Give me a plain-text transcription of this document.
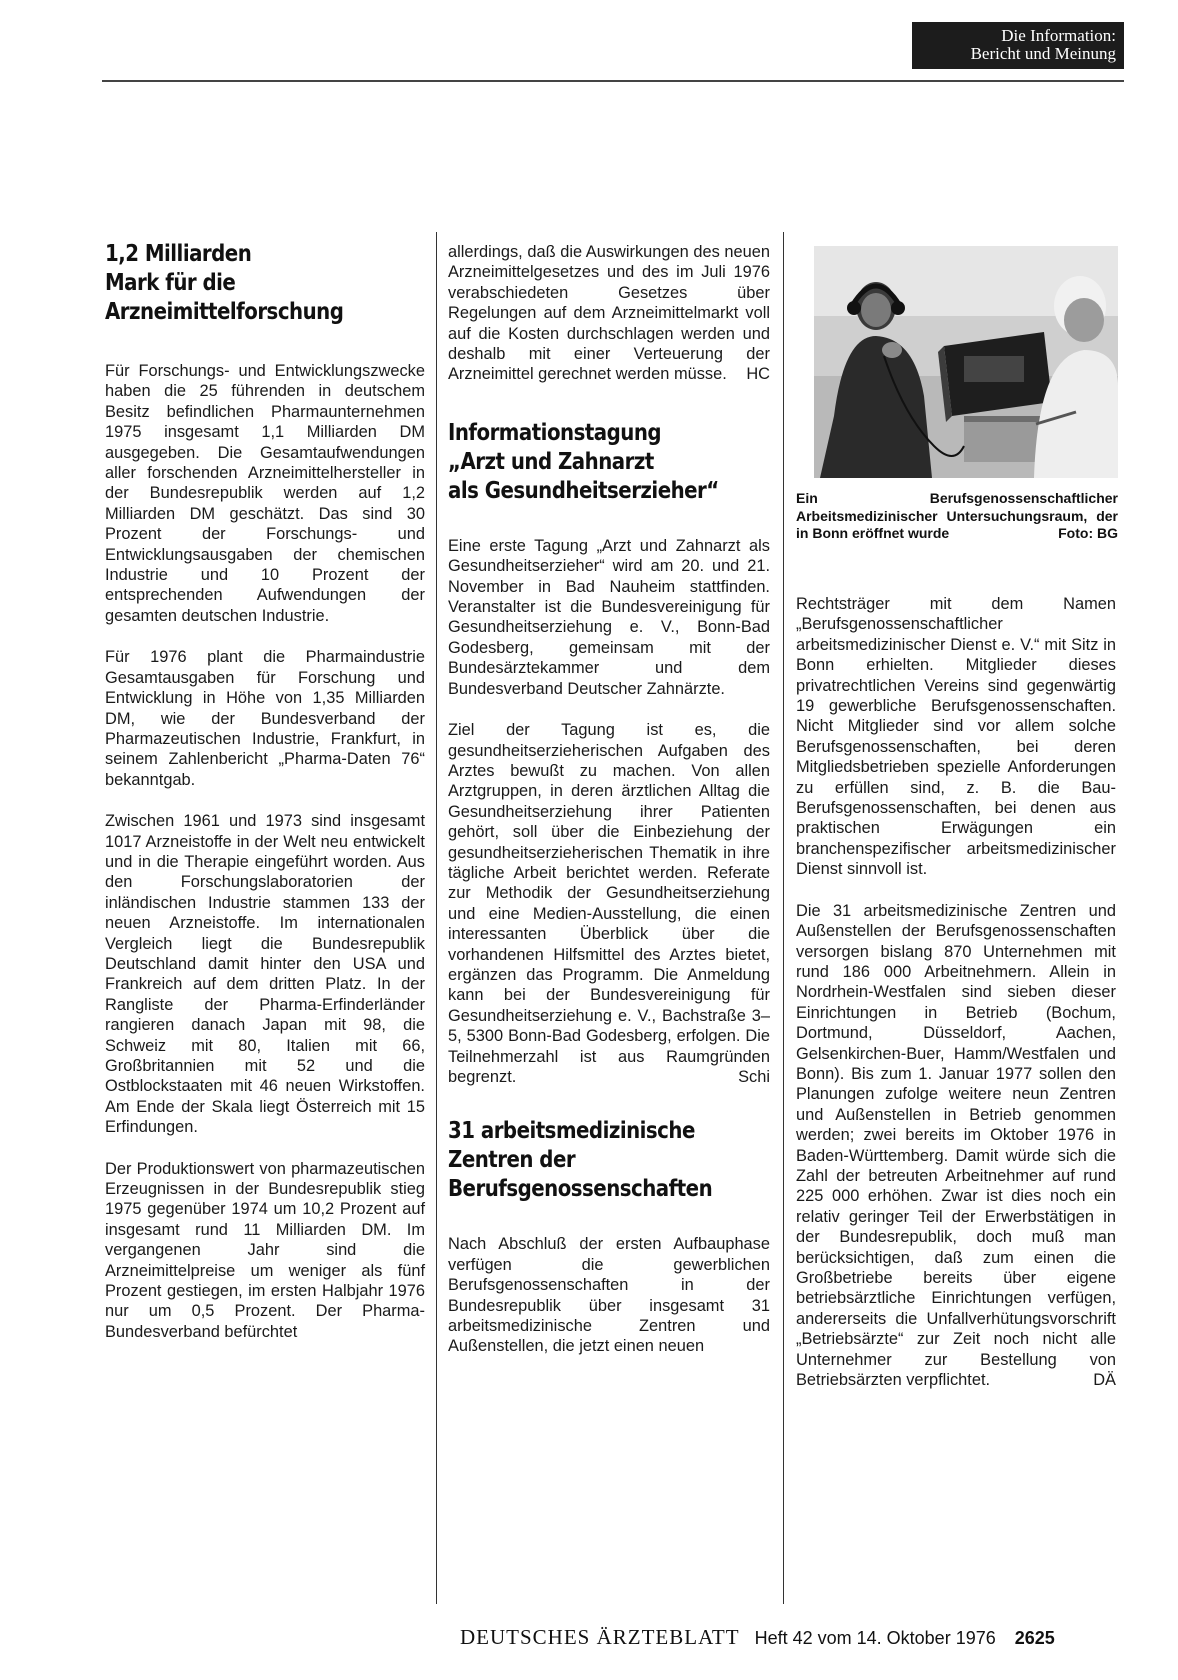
Die Information:
Bericht und Meinung
1,2 Milliarden
Mark für die
Arzneimittelforschung

Für Forschungs- und Entwicklungszwecke haben die 25 führenden in deutschem Besitz befindlichen Pharmaunternehmen 1975 insgesamt 1,1 Milliarden DM ausgegeben. Die Gesamtaufwendungen aller forschenden Arzneimittelhersteller in der Bundesrepublik werden auf 1,2 Milliarden DM geschätzt. Das sind 30 Prozent der Forschungs- und Entwicklungsausgaben der chemischen Industrie und 10 Prozent der entsprechenden Aufwendungen der gesamten deutschen Industrie.

Für 1976 plant die Pharmaindustrie Gesamtausgaben für Forschung und Entwicklung in Höhe von 1,35 Milliarden DM, wie der Bundesverband der Pharmazeutischen Industrie, Frankfurt, in seinem Zahlenbericht „Pharma-Daten 76“ bekanntgab.

Zwischen 1961 und 1973 sind insgesamt 1017 Arzneistoffe in der Welt neu entwickelt und in die Therapie eingeführt worden. Aus den Forschungslaboratorien der inländischen Industrie stammen 133 der neuen Arzneistoffe. Im internationalen Vergleich liegt die Bundesrepublik Deutschland damit hinter den USA und Frankreich auf dem dritten Platz. In der Rangliste der Pharma-Erfinderländer rangieren danach Japan mit 98, die Schweiz mit 80, Italien mit 66, Großbritannien mit 52 und die Ostblockstaaten mit 46 neuen Wirkstoffen. Am Ende der Skala liegt Österreich mit 15 Erfindungen.

Der Produktionswert von pharmazeutischen Erzeugnissen in der Bundesrepublik stieg 1975 gegenüber 1974 um 10,2 Prozent auf insgesamt rund 11 Milliarden DM. Im vergangenen Jahr sind die Arzneimittelpreise um weniger als fünf Prozent gestiegen, im ersten Halbjahr 1976 nur um 0,5 Prozent. Der Pharma-Bundesverband befürchtet

allerdings, daß die Auswirkungen des neuen Arzneimittelgesetzes und des im Juli 1976 verabschiedeten Gesetzes über Regelungen auf dem Arzneimittelmarkt voll auf die Kosten durchschlagen werden und deshalb mit einer Verteuerung der Arzneimittel gerechnet werden müsse. HC

Informationstagung
„Arzt und Zahnarzt
als Gesundheitserzieher“

Eine erste Tagung „Arzt und Zahnarzt als Gesundheitserzieher“ wird am 20. und 21. November in Bad Nauheim stattfinden. Veranstalter ist die Bundesvereinigung für Gesundheitserziehung e. V., Bonn-Bad Godesberg, gemeinsam mit der Bundesärztekammer und dem Bundesverband Deutscher Zahnärzte.

Ziel der Tagung ist es, die gesundheitserzieherischen Aufgaben des Arztes bewußt zu machen. Von allen Arztgruppen, in deren ärztlichen Alltag die Gesundheitserziehung ihrer Patienten gehört, soll über die Einbeziehung der gesundheitserzieherischen Thematik in ihre tägliche Arbeit berichtet werden. Referate zur Methodik der Gesundheitserziehung und eine Medien-Ausstellung, die einen interessanten Überblick über die vorhandenen Hilfsmittel des Arztes bietet, ergänzen das Programm. Die Anmeldung kann bei der Bundesvereinigung für Gesundheitserziehung e. V., Bachstraße 3–5, 5300 Bonn-Bad Godesberg, erfolgen. Die Teilnehmerzahl ist aus Raumgründen begrenzt.	Schi

31 arbeitsmedizinische
Zentren der
Berufsgenossenschaften

Nach Abschluß der ersten Aufbauphase verfügen die gewerblichen Berufsgenossenschaften in der Bundesrepublik über insgesamt 31 arbeitsmedizinische Zentren und Außenstellen, die jetzt einen neuen

Ein Berufsgenossenschaftlicher Arbeitsmedizinischer Untersuchungsraum, der in Bonn eröffnet wurde	Foto: BG

Rechtsträger mit dem Namen „Berufsgenossenschaftlicher arbeitsmedizinischer Dienst e. V.“ mit Sitz in Bonn erhielten. Mitglieder dieses privatrechtlichen Vereins sind gegenwärtig 19 gewerbliche Berufsgenossenschaften. Nicht Mitglieder sind vor allem solche Berufsgenossenschaften, bei deren Mitgliedsbetrieben spezielle Anforderungen zu erfüllen sind, z. B. die Bau-Berufsgenossenschaften, bei denen aus praktischen Erwägungen ein branchenspezifischer arbeitsmedizinischer Dienst sinnvoll ist.

Die 31 arbeitsmedizinische Zentren und Außenstellen der Berufsgenossenschaften versorgen bislang 870 Unternehmen mit rund 186 000 Arbeitnehmern. Allein in Nordrhein-Westfalen sind sieben dieser Einrichtungen in Betrieb (Bochum, Dortmund, Düsseldorf, Aachen, Gelsenkirchen-Buer, Hamm/Westfalen und Bonn). Bis zum 1. Januar 1977 sollen den Planungen zufolge weitere neun Zentren und Außenstellen in Betrieb genommen werden; zwei bereits im Oktober 1976 in Baden-Württemberg. Damit würde sich die Zahl der betreuten Arbeitnehmer auf rund 225 000 erhöhen. Zwar ist dies noch ein relativ geringer Teil der Erwerbstätigen in der Bundesrepublik, doch muß man berücksichtigen, daß zum einen die Großbetriebe bereits über eigene betriebsärztliche Einrichtungen verfügen, andererseits die Unfallverhütungsvorschrift „Betriebsärzte“ zur Zeit noch nicht alle Unternehmer zur Bestellung von Betriebsärzten verpflichtet.	DÄ

DEUTSCHES ÄRZTEBLATT Heft 42 vom 14. Oktober 1976 2625
